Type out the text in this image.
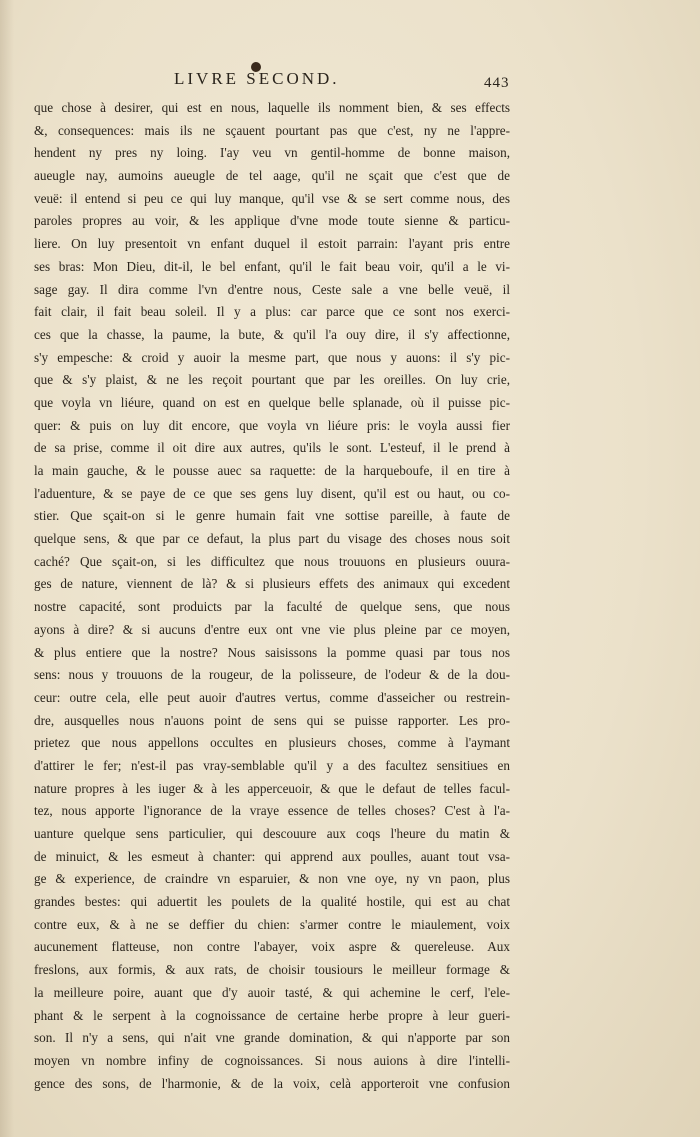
LIVRE SECOND.	443
que chose à desirer, qui est en nous, laquelle ils nomment bien, & ses effects
&, consequences: mais ils ne sçauent pourtant pas que c'est, ny ne l'appre-
hendent ny pres ny loing. I'ay veu vn gentil-homme de bonne maison,
aueugle nay, aumoins aueugle de tel aage, qu'il ne sçait que c'est que de
veuë: il entend si peu ce qui luy manque, qu'il vse & se sert comme nous, des
paroles propres au voir, & les applique d'vne mode toute sienne & particu-
liere. On luy presentoit vn enfant duquel il estoit parrain: l'ayant pris entre
ses bras: Mon Dieu, dit-il, le bel enfant, qu'il le fait beau voir, qu'il a le vi-
sage gay. Il dira comme l'vn d'entre nous, Ceste sale a vne belle veuë, il
fait clair, il fait beau soleil. Il y a plus: car parce que ce sont nos exerci-
ces que la chasse, la paume, la bute, & qu'il l'a ouy dire, il s'y affectionne,
s'y empesche: & croid y auoir la mesme part, que nous y auons: il s'y pic-
que & s'y plaist, & ne les reçoit pourtant que par les oreilles. On luy crie,
que voyla vn liéure, quand on est en quelque belle splanade, où il puisse pic-
quer: & puis on luy dit encore, que voyla vn liéure pris: le voyla aussi fier
de sa prise, comme il oit dire aux autres, qu'ils le sont. L'esteuf, il le prend à
la main gauche, & le pousse auec sa raquette: de la harqueboufe, il en tire à
l'aduenture, & se paye de ce que ses gens luy disent, qu'il est ou haut, ou co-
stier. Que sçait-on si le genre humain fait vne sottise pareille, à faute de
quelque sens, & que par ce defaut, la plus part du visage des choses nous soit
caché? Que sçait-on, si les difficultez que nous trouuons en plusieurs ouura-
ges de nature, viennent de là? & si plusieurs effets des animaux qui excedent
nostre capacité, sont produicts par la faculté de quelque sens, que nous
ayons à dire? & si aucuns d'entre eux ont vne vie plus pleine par ce moyen,
& plus entiere que la nostre? Nous saisissons la pomme quasi par tous nos
sens: nous y trouuons de la rougeur, de la polisseure, de l'odeur & de la dou-
ceur: outre cela, elle peut auoir d'autres vertus, comme d'asseicher ou restrein-
dre, ausquelles nous n'auons point de sens qui se puisse rapporter. Les pro-
prietez que nous appellons occultes en plusieurs choses, comme à l'aymant
d'attirer le fer; n'est-il pas vray-semblable qu'il y a des facultez sensitiues en
nature propres à les iuger & à les apperceuoir, & que le defaut de telles facul-
tez, nous apporte l'ignorance de la vraye essence de telles choses? C'est à l'a-
uanture quelque sens particulier, qui descouure aux coqs l'heure du matin &
de minuict, & les esmeut à chanter: qui apprend aux poulles, auant tout vsa-
ge & experience, de craindre vn esparuier, & non vne oye, ny vn paon, plus
grandes bestes: qui aduertit les poulets de la qualité hostile, qui est au chat
contre eux, & à ne se deffier du chien: s'armer contre le miaulement, voix
aucunement flatteuse, non contre l'abayer, voix aspre & quereleuse. Aux
freslons, aux formis, & aux rats, de choisir tousiours le meilleur formage &
la meilleure poire, auant que d'y auoir tasté, & qui achemine le cerf, l'ele-
phant & le serpent à la cognoissance de certaine herbe propre à leur gueri-
son. Il n'y a sens, qui n'ait vne grande domination, & qui n'apporte par son
moyen vn nombre infiny de cognoissances. Si nous auions à dire l'intelli-
gence des sons, de l'harmonie, & de la voix, celà apporteroit vne confusion
